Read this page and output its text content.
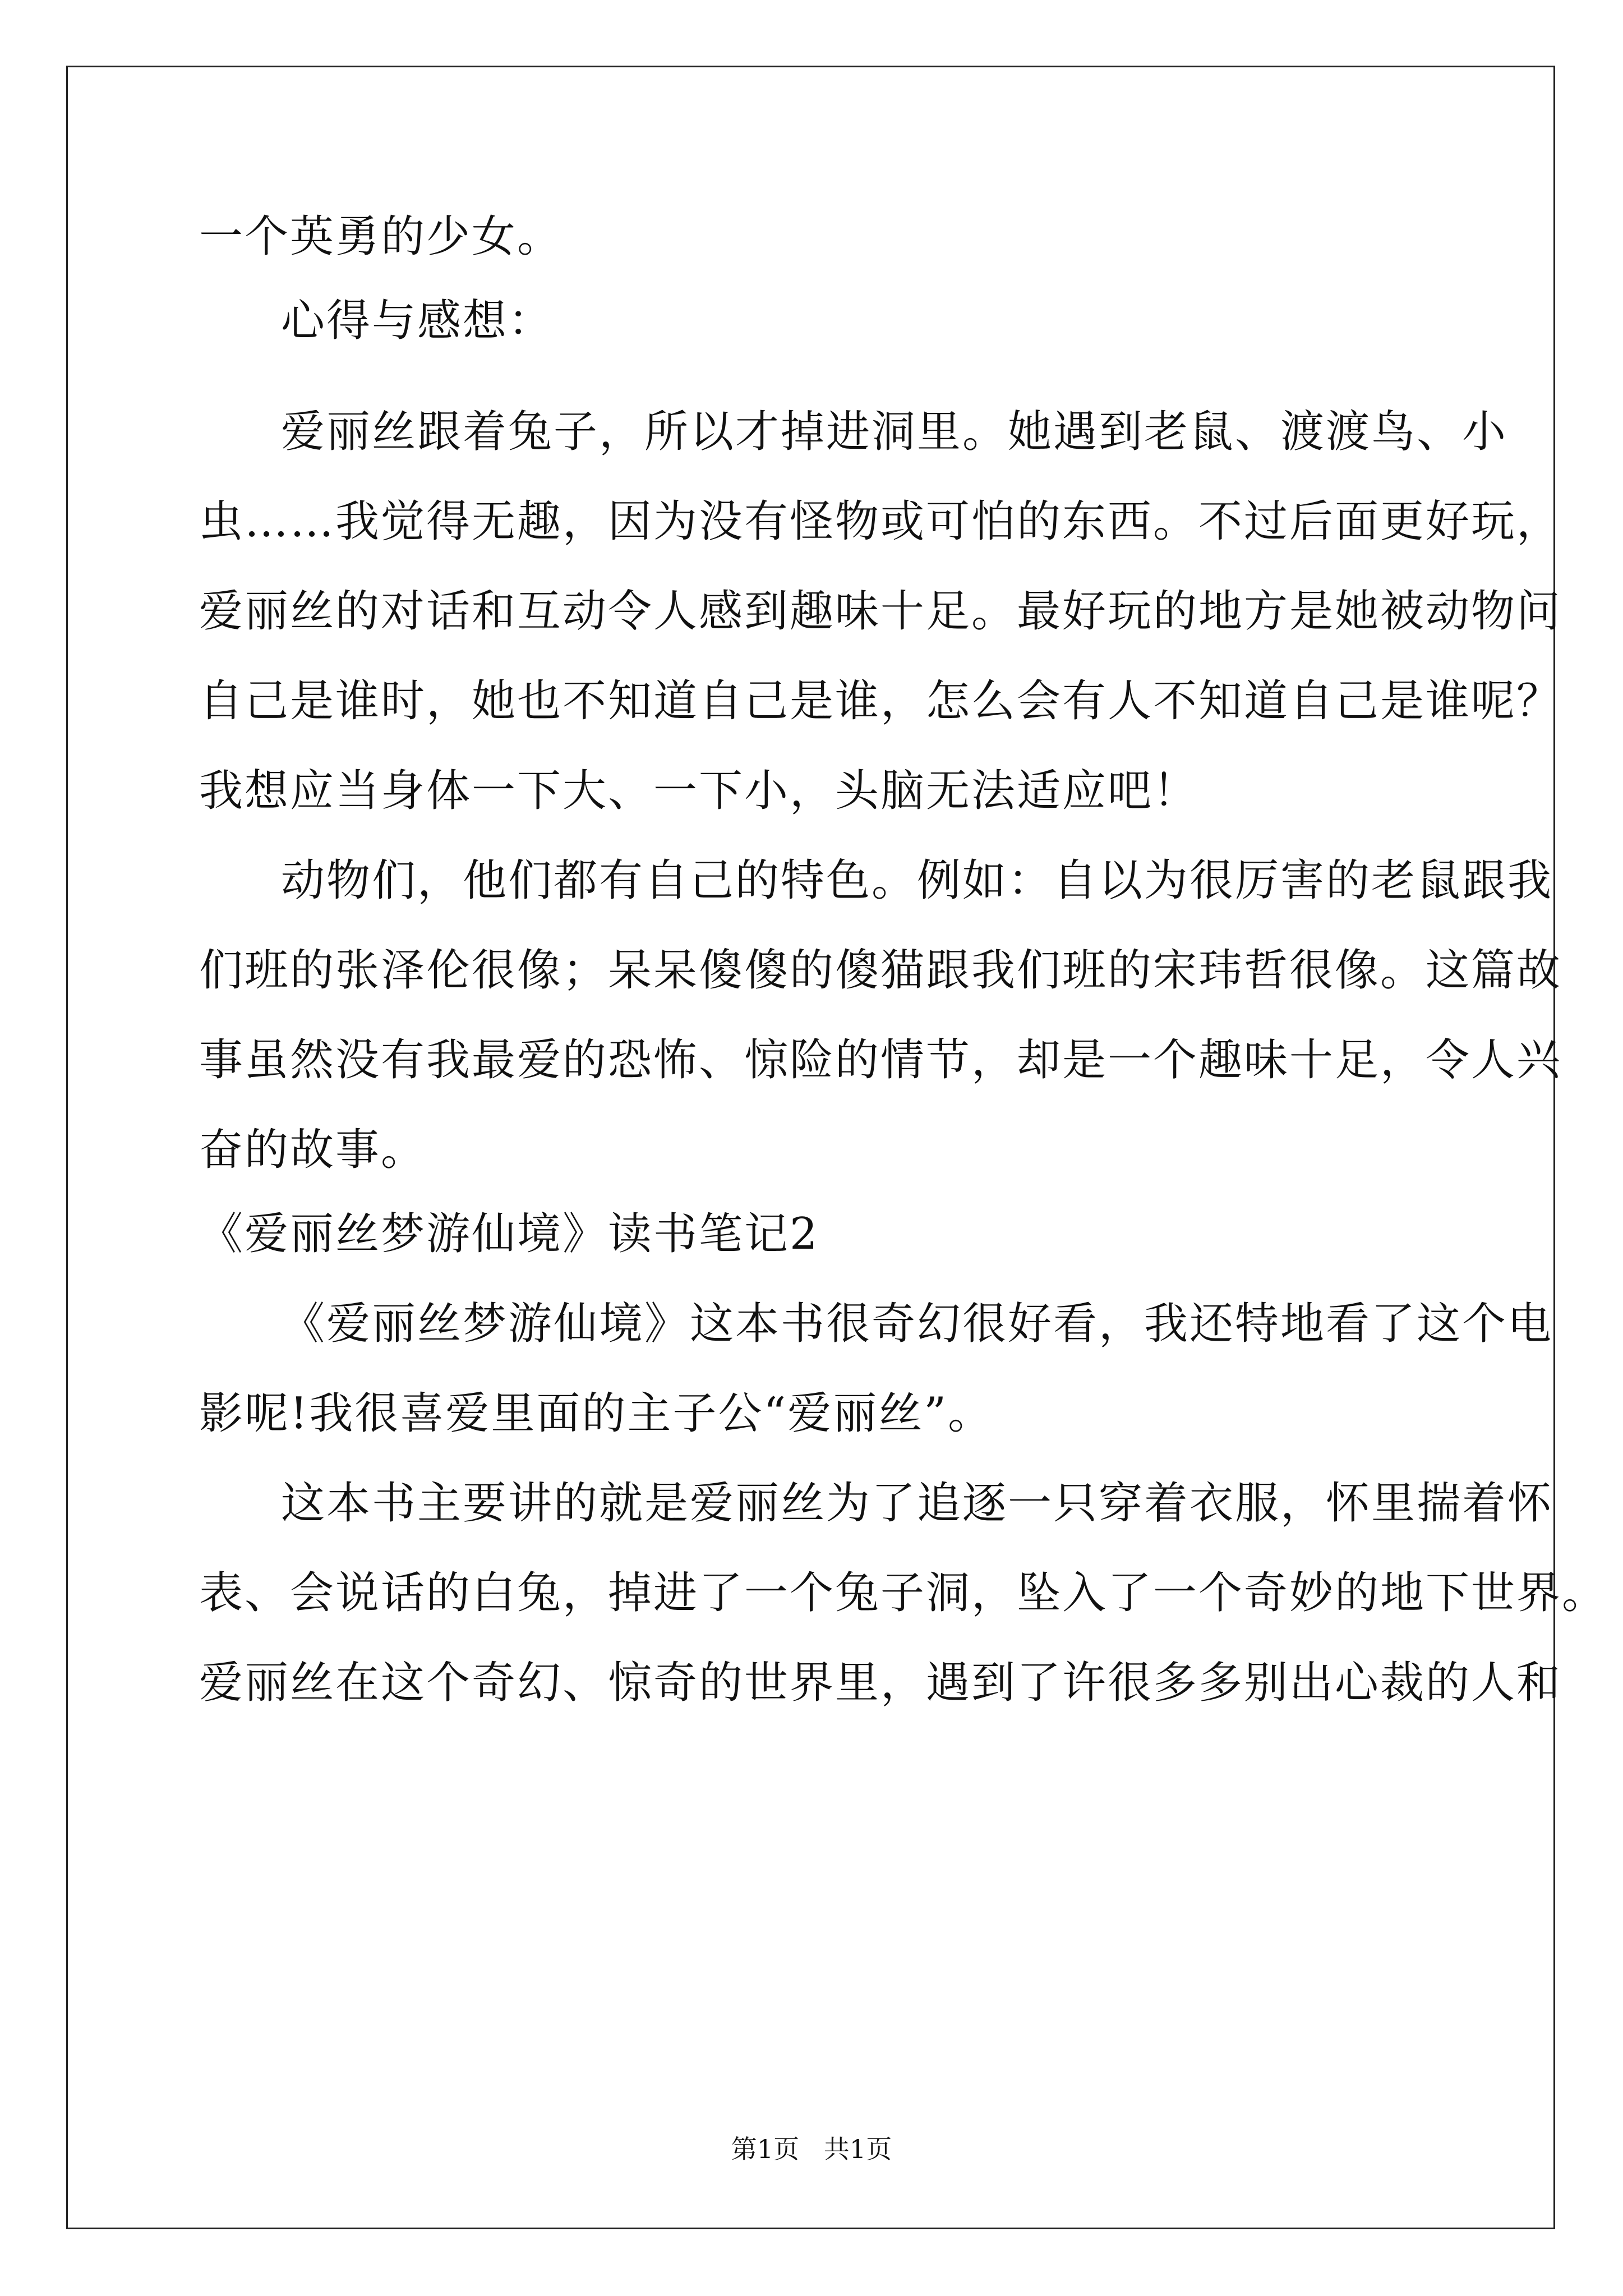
一个英勇的少女。
心得与感想：
爱丽丝跟着兔子，所以才掉进洞里。她遇到老鼠、渡渡鸟、小
虫……我觉得无趣，因为没有怪物或可怕的东西。不过后面更好玩，
爱丽丝的对话和互动令人感到趣味十足。最好玩的地方是她被动物问
自己是谁时，她也不知道自己是谁，怎么会有人不知道自己是谁呢？
我想应当身体一下大、一下小，头脑无法适应吧！
动物们，他们都有自己的特色。例如：自以为很厉害的老鼠跟我
们班的张泽伦很像；呆呆傻傻的傻猫跟我们班的宋玮哲很像。这篇故
事虽然没有我最爱的恐怖、惊险的情节，却是一个趣味十足，令人兴
奋的故事。
《爱丽丝梦游仙境》读书笔记2
《爱丽丝梦游仙境》这本书很奇幻很好看，我还特地看了这个电
影呢!我很喜爱里面的主子公“爱丽丝”。
这本书主要讲的就是爱丽丝为了追逐一只穿着衣服，怀里揣着怀
表、会说话的白兔，掉进了一个兔子洞，坠入了一个奇妙的地下世界。
爱丽丝在这个奇幻、惊奇的世界里，遇到了许很多多别出心裁的人和
第1页   共1页
